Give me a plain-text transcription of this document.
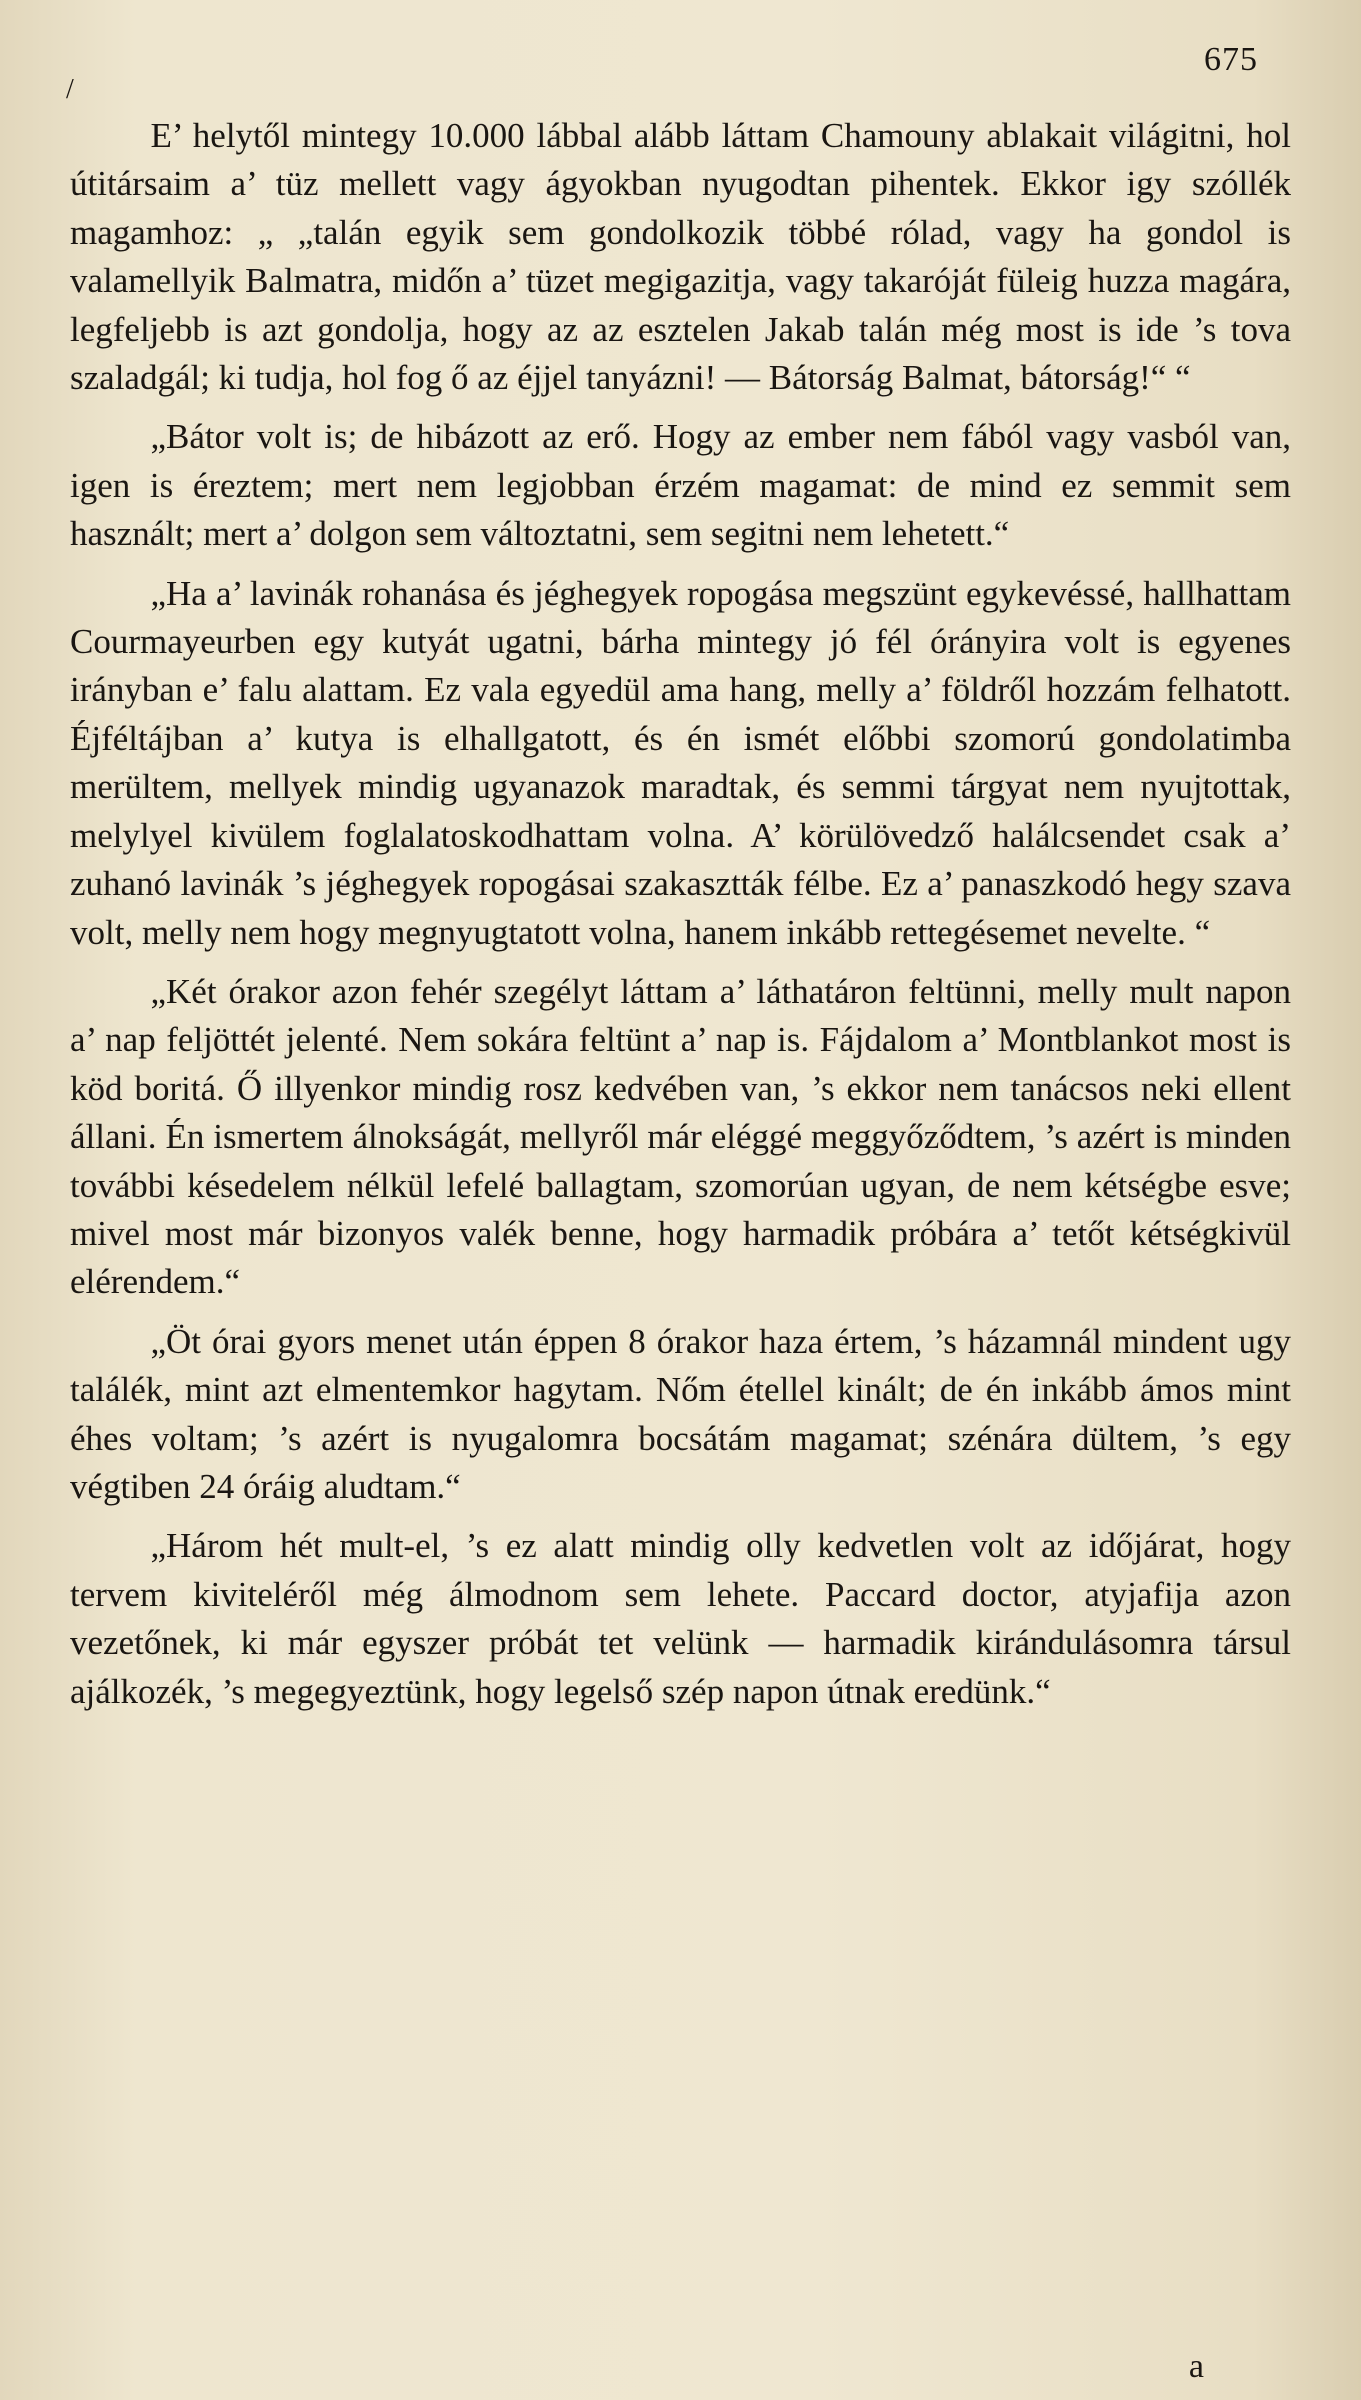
/
675

E’ helytől mintegy 10.000 lábbal alább láttam Chamouny ablakait világitni, hol útitársaim a’ tüz mellett vagy ágyokban nyugodtan pihentek. Ekkor igy szóllék magamhoz: „ „talán egyik sem gondolkozik többé rólad, vagy ha gondol is valamellyik Balmatra, midőn a’ tüzet megigazitja, vagy takaróját füleig huzza magára, legfeljebb is azt gondolja, hogy az az esztelen Jakab talán még most is ide ’s tova szaladgál; ki tudja, hol fog ő az éjjel tanyázni! — Bátorság Balmat, bátorság!“ “

„Bátor volt is; de hibázott az erő. Hogy az ember nem fából vagy vasból van, igen is éreztem; mert nem legjobban érzém magamat: de mind ez semmit sem használt; mert a’ dolgon sem változtatni, sem segitni nem lehetett.“

„Ha a’ lavinák rohanása és jéghegyek ropogása megszünt egykevéssé, hallhattam Courmayeurben egy kutyát ugatni, bárha mintegy jó fél órányira volt is egyenes irányban e’ falu alattam. Ez vala egyedül ama hang, melly a’ földről hozzám felhatott. Éjféltájban a’ kutya is elhallgatott, és én ismét előbbi szomorú gondolatimba merültem, mellyek mindig ugyanazok maradtak, és semmi tárgyat nem nyujtottak, melylyel kivülem foglalatoskodhattam volna. A’ körülövedző halálcsendet csak a’ zuhanó lavinák ’s jéghegyek ropogásai szakasztták félbe. Ez a’ panaszkodó hegy szava volt, melly nem hogy megnyugtatott volna, hanem inkább rettegésemet nevelte. “

„Két órakor azon fehér szegélyt láttam a’ láthatáron feltünni, melly mult napon a’ nap feljöttét jelenté. Nem sokára feltünt a’ nap is. Fájdalom a’ Montblankot most is köd boritá. Ő illyenkor mindig rosz kedvében van, ’s ekkor nem tanácsos neki ellent állani. Én ismertem álnokságát, mellyről már eléggé meggyőződtem, ’s azért is minden további késedelem nélkül lefelé ballagtam, szomorúan ugyan, de nem kétségbe esve; mivel most már bizonyos valék benne, hogy harmadik próbára a’ tetőt kétségkivül elérendem.“

„Öt órai gyors menet után éppen 8 órakor haza értem, ’s házamnál mindent ugy találék, mint azt elmentemkor hagytam. Nőm étellel kinált; de én inkább ámos mint éhes voltam; ’s azért is nyugalomra bocsátám magamat; szénára dültem, ’s egy végtiben 24 óráig aludtam.“

„Három hét mult-el, ’s ez alatt mindig olly kedvetlen volt az időjárat, hogy tervem kiviteléről még álmodnom sem lehete. Paccard doctor, atyjafija azon vezetőnek, ki már egyszer próbát tet velünk — harmadik kirándulásomra társul ajálkozék, ’s megegyeztünk, hogy legelső szép napon útnak eredünk.“

a
